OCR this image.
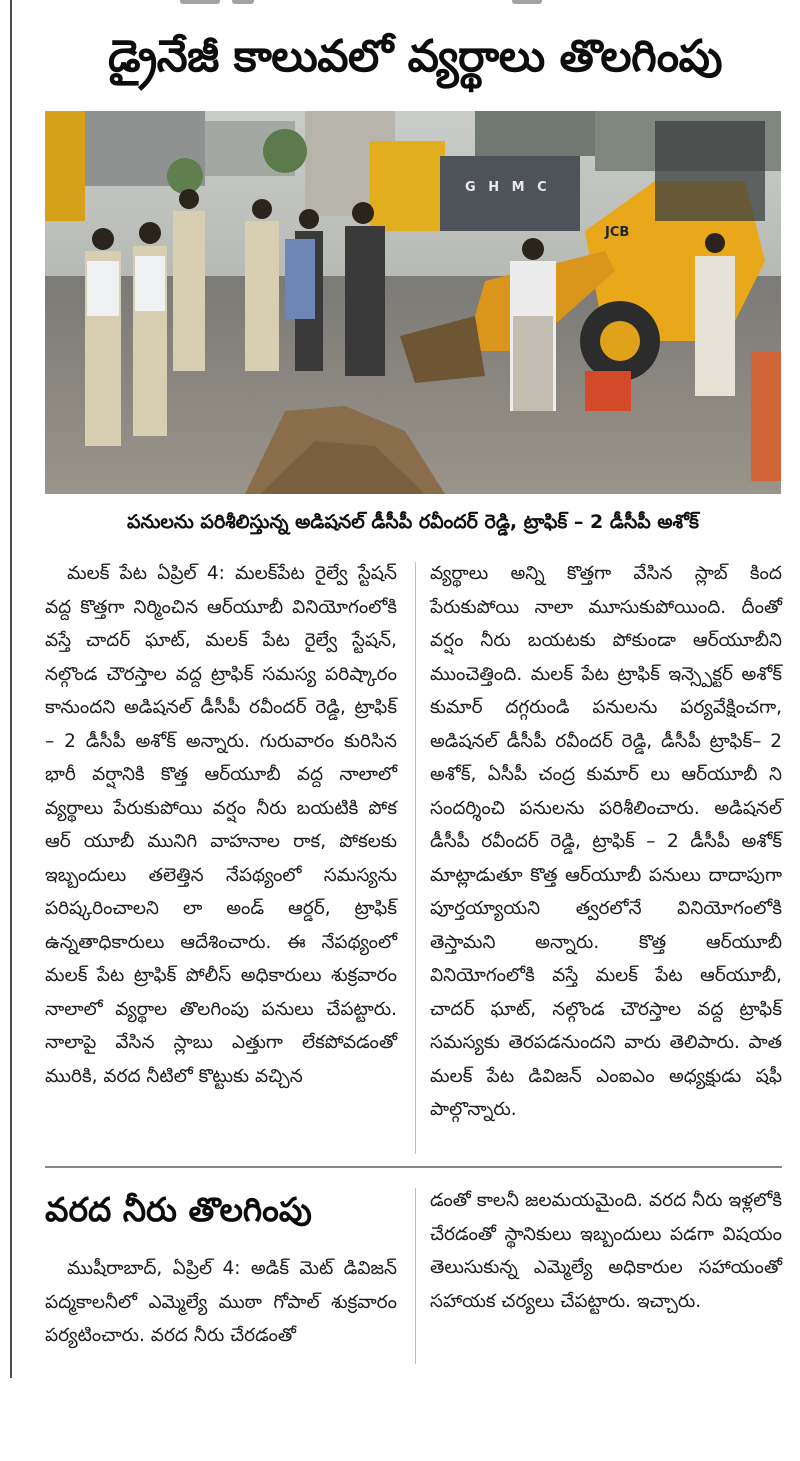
డ్రైనేజీ కాలువలో వ్యర్థాలు తొలగింపు
G H M C
JCB
పనులను పరిశీలిస్తున్న అడిషనల్ డీసీపీ రవీందర్ రెడ్డి, ట్రాఫిక్ – 2 డీసీపీ అశోక్

మలక్ పేట ఏప్రిల్ 4: మలక్‌పేట రైల్వే స్టేషన్ వద్ద కొత్తగా నిర్మించిన ఆర్‌యూబీ వినియోగంలోకి వస్తే చాదర్ ఘాట్, మలక్ పేట రైల్వే స్టేషన్, నల్గొండ చౌరస్తాల వద్ద ట్రాఫిక్ సమస్య పరిష్కారం కానుందని అడిషనల్ డీసీపీ రవీందర్ రెడ్డి, ట్రాఫిక్ – 2 డీసీపీ అశోక్ అన్నారు. గురువారం కురిసిన భారీ వర్షానికి కొత్త ఆర్‌యూబీ వద్ద నాలాలో వ్యర్థాలు పేరుకుపోయి వర్షం నీరు బయటికి పోక ఆర్ యూబీ మునిగి వాహనాల రాక, పోకలకు ఇబ్బందులు తలెత్తిన నేపథ్యంలో సమస్యను పరిష్కరించాలని లా అండ్ ఆర్డర్, ట్రాఫిక్ ఉన్నతాధికారులు ఆదేశించారు. ఈ నేపథ్యంలో మలక్ పేట ట్రాఫిక్ పోలీస్ అధికారులు శుక్రవారం నాలాలో వ్యర్థాల తొలగింపు పనులు చేపట్టారు. నాలాపై వేసిన స్లాబు ఎత్తుగా లేకపోవడంతో మురికి, వరద నీటిలో కొట్టుకు వచ్చిన

వ్యర్థాలు అన్ని కొత్తగా వేసిన స్లాబ్ కింద పేరుకుపోయి నాలా మూసుకుపోయింది. దీంతో వర్షం నీరు బయటకు పోకుండా ఆర్‌యూబీని ముంచెత్తింది. మలక్ పేట ట్రాఫిక్ ఇన్స్పెక్టర్ అశోక్ కుమార్ దగ్గరుండి పనులను పర్యవేక్షించగా, అడిషనల్ డీసీపీ రవీందర్ రెడ్డి, డీసీపీ ట్రాఫిక్– 2 అశోక్, ఏసీపీ చంద్ర కుమార్ లు ఆర్‌యూబీ ని సందర్శించి పనులను పరిశీలించారు. అడిషనల్ డీసీపీ రవీందర్ రెడ్డి, ట్రాఫిక్ – 2 డీసీపీ అశోక్ మాట్లాడుతూ కొత్త ఆర్‌యూబీ పనులు దాదాపుగా పూర్తయ్యాయని త్వరలోనే వినియోగంలోకి తెస్తామని అన్నారు. కొత్త ఆర్‌యూబీ వినియోగంలోకి వస్తే మలక్ పేట ఆర్‌యూబీ, చాదర్ ఘాట్, నల్గొండ చౌరస్తాల వద్ద ట్రాఫిక్ సమస్యకు తెరపడనుందని వారు తెలిపారు. పాత మలక్ పేట డివిజన్ ఎంఐఎం అధ్యక్షుడు షఫీ పాల్గొన్నారు.

వరద నీరు తొలగింపు

ముషీరాబాద్, ఏప్రిల్ 4: అడిక్ మెట్ డివిజన్ పద్మకాలనీలో ఎమ్మెల్యే ముఠా గోపాల్ శుక్రవారం పర్యటించారు. వరద నీరు చేరడంతో

డంతో కాలనీ జలమయమైంది. వరద నీరు ఇళ్లలోకి చేరడంతో స్థానికులు ఇబ్బందులు పడగా విషయం తెలుసుకున్న ఎమ్మెల్యే అధికారుల సహాయంతో సహాయక చర్యలు చేపట్టారు. ఇచ్చారు.
